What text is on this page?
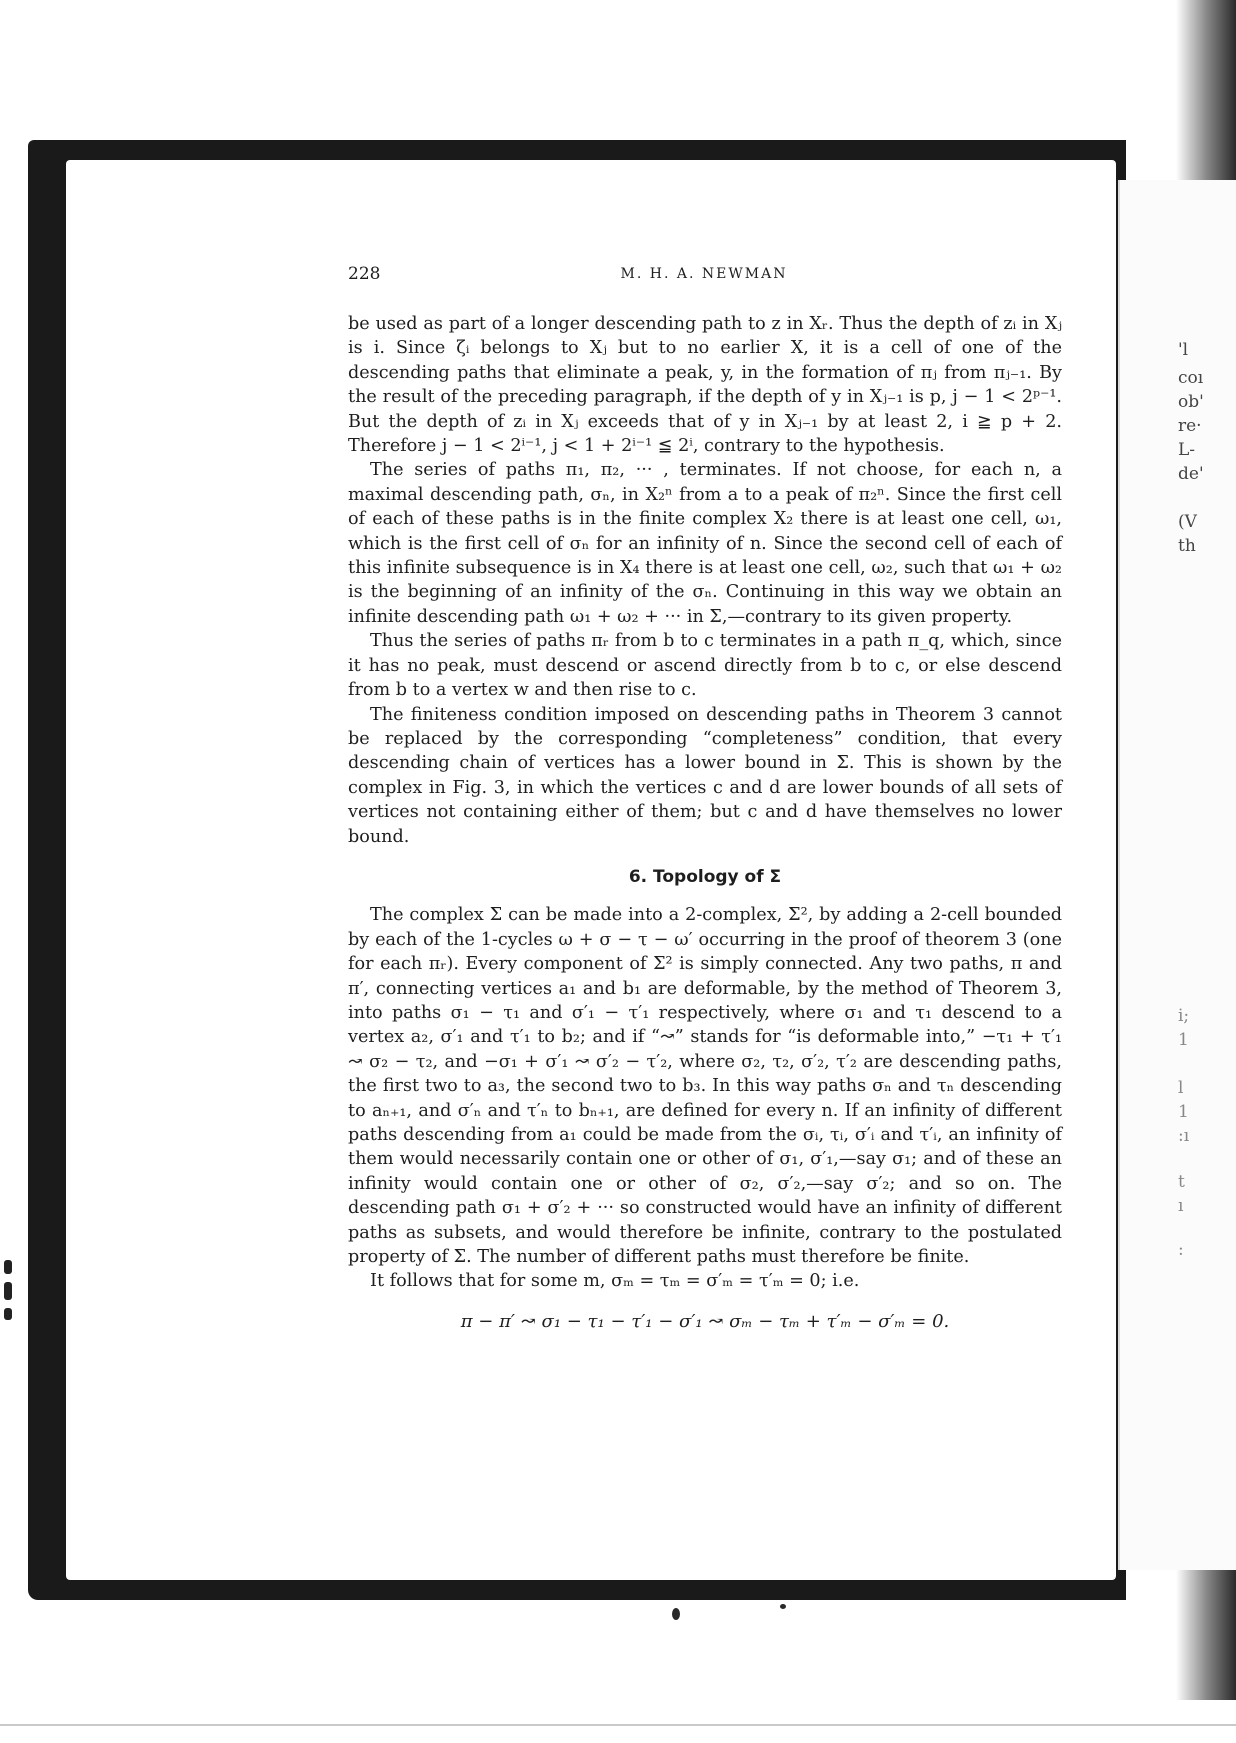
'l
coı
ob'
re·
L-
de'
(V
th
i;
1
l
1
:ı
t
ı
:
228	M. H. A. NEWMAN

be used as part of a longer descending path to z in Xᵣ. Thus the depth of zᵢ in Xⱼ is i. Since ζᵢ belongs to Xⱼ but to no earlier X, it is a cell of one of the descending paths that eliminate a peak, y, in the formation of πⱼ from πⱼ₋₁. By the result of the preceding paragraph, if the depth of y in Xⱼ₋₁ is p, j − 1 < 2ᵖ⁻¹. But the depth of zᵢ in Xⱼ exceeds that of y in Xⱼ₋₁ by at least 2, i ≧ p + 2. Therefore j − 1 < 2ⁱ⁻¹, j < 1 + 2ⁱ⁻¹ ≦ 2ⁱ, contrary to the hypothesis.

The series of paths π₁, π₂, ··· , terminates. If not choose, for each n, a maximal descending path, σₙ, in X₂ⁿ from a to a peak of π₂ⁿ. Since the first cell of each of these paths is in the finite complex X₂ there is at least one cell, ω₁, which is the first cell of σₙ for an infinity of n. Since the second cell of each of this infinite subsequence is in X₄ there is at least one cell, ω₂, such that ω₁ + ω₂ is the beginning of an infinity of the σₙ. Continuing in this way we obtain an infinite descending path ω₁ + ω₂ + ··· in Σ,—contrary to its given property.

Thus the series of paths πᵣ from b to c terminates in a path π_q, which, since it has no peak, must descend or ascend directly from b to c, or else descend from b to a vertex w and then rise to c.

The finiteness condition imposed on descending paths in Theorem 3 cannot be replaced by the corresponding “completeness” condition, that every descending chain of vertices has a lower bound in Σ. This is shown by the complex in Fig. 3, in which the vertices c and d are lower bounds of all sets of vertices not containing either of them; but c and d have themselves no lower bound.

6. Topology of Σ

The complex Σ can be made into a 2-complex, Σ², by adding a 2-cell bounded by each of the 1-cycles ω + σ − τ − ω′ occurring in the proof of theorem 3 (one for each πᵣ). Every component of Σ² is simply connected. Any two paths, π and π′, connecting vertices a₁ and b₁ are deformable, by the method of Theorem 3, into paths σ₁ − τ₁ and σ′₁ − τ′₁ respectively, where σ₁ and τ₁ descend to a vertex a₂, σ′₁ and τ′₁ to b₂; and if “↝” stands for “is deformable into,” −τ₁ + τ′₁ ↝ σ₂ − τ₂, and −σ₁ + σ′₁ ↝ σ′₂ − τ′₂, where σ₂, τ₂, σ′₂, τ′₂ are descending paths, the first two to a₃, the second two to b₃. In this way paths σₙ and τₙ descending to aₙ₊₁, and σ′ₙ and τ′ₙ to bₙ₊₁, are defined for every n. If an infinity of different paths descending from a₁ could be made from the σᵢ, τᵢ, σ′ᵢ and τ′ᵢ, an infinity of them would necessarily contain one or other of σ₁, σ′₁,—say σ₁; and of these an infinity would contain one or other of σ₂, σ′₂,—say σ′₂; and so on. The descending path σ₁ + σ′₂ + ··· so constructed would have an infinity of different paths as subsets, and would therefore be infinite, contrary to the postulated property of Σ. The number of different paths must therefore be finite.

It follows that for some m, σₘ = τₘ = σ′ₘ = τ′ₘ = 0; i.e.

π − π′ ↝ σ₁ − τ₁ − τ′₁ − σ′₁ ↝ σₘ − τₘ + τ′ₘ − σ′ₘ = 0.
